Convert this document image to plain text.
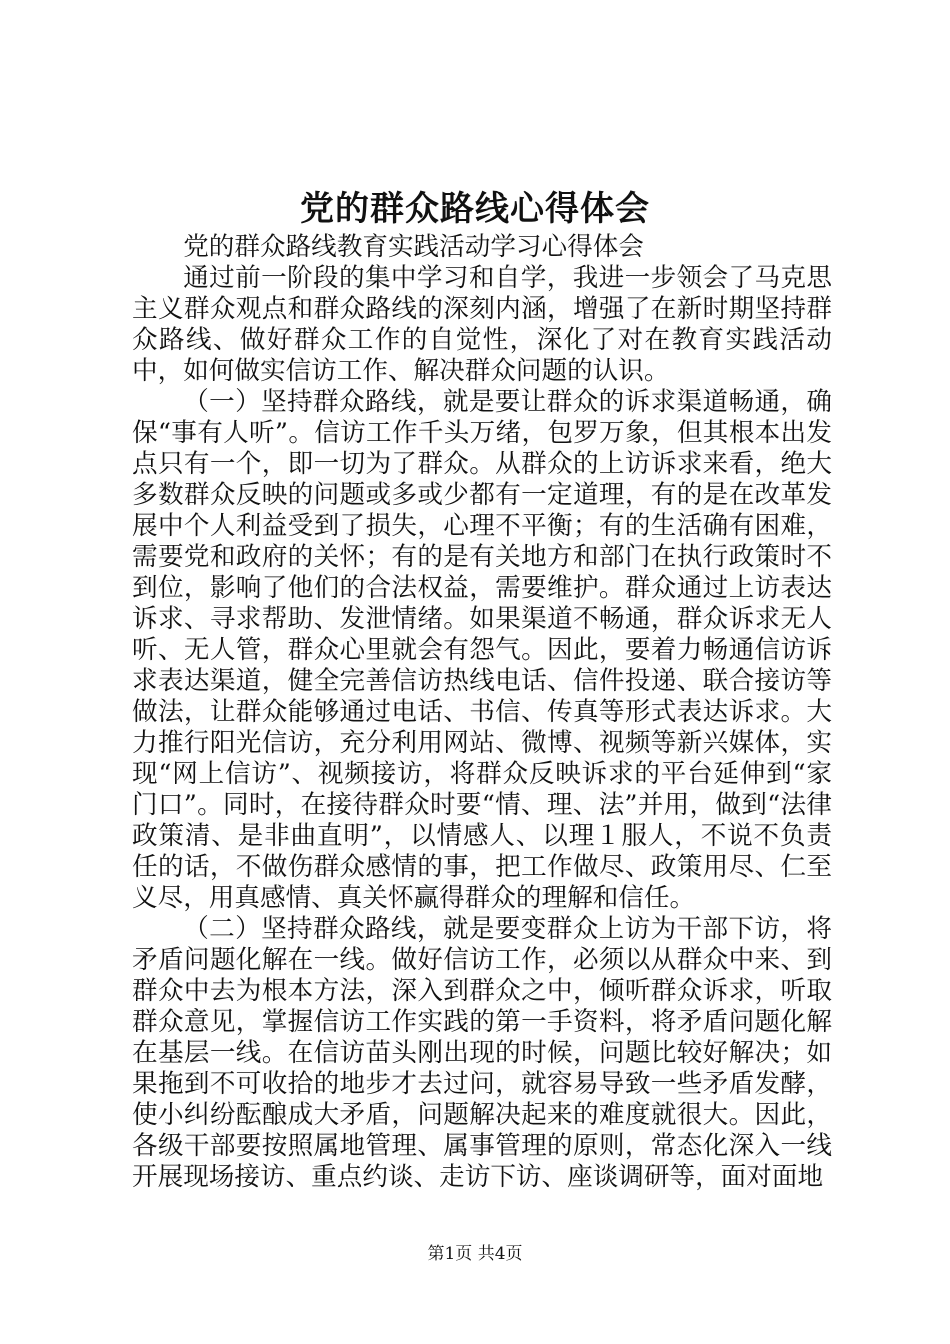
党的群众路线心得体会

党的群众路线教育实践活动学习心得体会

通过前一阶段的集中学习和自学，我进一步领会了马克思主义群众观点和群众路线的深刻内涵，增强了在新时期坚持群众路线、做好群众工作的自觉性，深化了对在教育实践活动中，如何做实信访工作、解决群众问题的认识。

（一）坚持群众路线，就是要让群众的诉求渠道畅通，确保“事有人听”。信访工作千头万绪，包罗万象，但其根本出发点只有一个，即一切为了群众。从群众的上访诉求来看，绝大多数群众反映的问题或多或少都有一定道理，有的是在改革发展中个人利益受到了损失，心理不平衡；有的生活确有困难，需要党和政府的关怀；有的是有关地方和部门在执行政策时不到位，影响了他们的合法权益，需要维护。群众通过上访表达诉求、寻求帮助、发泄情绪。如果渠道不畅通，群众诉求无人听、无人管，群众心里就会有怨气。因此，要着力畅通信访诉求表达渠道，健全完善信访热线电话、信件投递、联合接访等做法，让群众能够通过电话、书信、传真等形式表达诉求。大力推行阳光信访，充分利用网站、微博、视频等新兴媒体，实现“网上信访”、视频接访，将群众反映诉求的平台延伸到“家门口”。同时，在接待群众时要“情、理、法”并用，做到“法律政策清、是非曲直明”，以情感人、以理１服人，不说不负责任的话，不做伤群众感情的事，把工作做尽、政策用尽、仁至义尽，用真感情、真关怀赢得群众的理解和信任。

（二）坚持群众路线，就是要变群众上访为干部下访，将矛盾问题化解在一线。做好信访工作，必须以从群众中来、到群众中去为根本方法，深入到群众之中，倾听群众诉求，听取群众意见，掌握信访工作实践的第一手资料，将矛盾问题化解在基层一线。在信访苗头刚出现的时候，问题比较好解决；如果拖到不可收拾的地步才去过问，就容易导致一些矛盾发酵，使小纠纷酝酿成大矛盾，问题解决起来的难度就很大。因此，各级干部要按照属地管理、属事管理的原则，常态化深入一线开展现场接访、重点约谈、走访下访、座谈调研等，面对面地

第1页 共4页
